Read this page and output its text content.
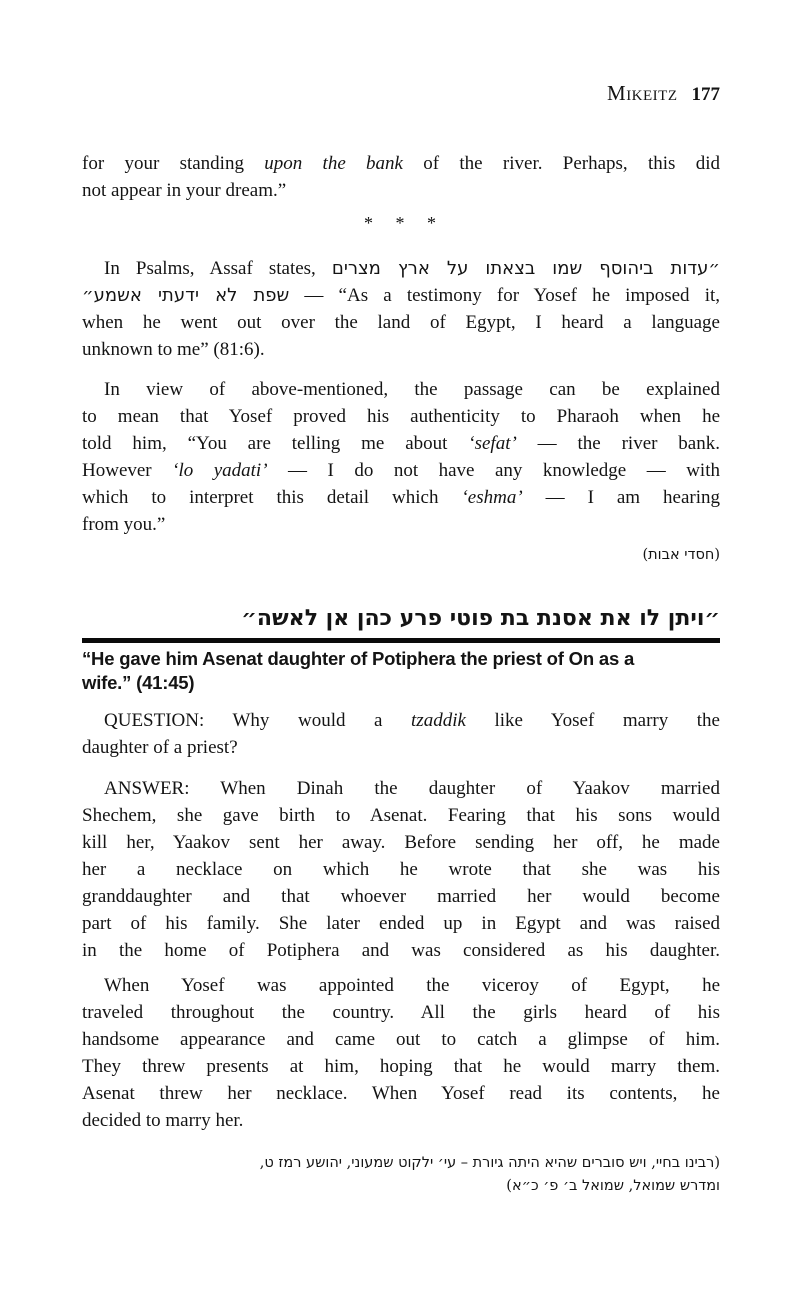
Mikeitz 177
for your standing upon the bank of the river. Perhaps, this did
not appear in your dream.”
* * *
In Psalms, Assaf states, ״עדות ביהוסף שמו בצאתו על ארץ מצרים
שפת לא ידעתי אשמע״ — “As a testimony for Yosef he imposed it,
when he went out over the land of Egypt, I heard a language
unknown to me” (81:6).
In view of above-mentioned, the passage can be explained
to mean that Yosef proved his authenticity to Pharaoh when he
told him, “You are telling me about ‘sefat’ — the river bank.
However ‘lo yadati’ — I do not have any knowledge — with
which to interpret this detail which ‘eshma’ — I am hearing
from you.”
(חסדי אבות)
״ויתן לו את אסנת בת פוטי פרע כהן אן לאשה״
“He gave him Asenat daughter of Potiphera the priest of On as a
wife.” (41:45)
QUESTION: Why would a tzaddik like Yosef marry the
daughter of a priest?
ANSWER: When Dinah the daughter of Yaakov married
Shechem, she gave birth to Asenat. Fearing that his sons would
kill her, Yaakov sent her away. Before sending her off, he made
her a necklace on which he wrote that she was his
granddaughter and that whoever married her would become
part of his family. She later ended up in Egypt and was raised
in the home of Potiphera and was considered as his daughter.
When Yosef was appointed the viceroy of Egypt, he
traveled throughout the country. All the girls heard of his
handsome appearance and came out to catch a glimpse of him.
They threw presents at him, hoping that he would marry them.
Asenat threw her necklace. When Yosef read its contents, he
decided to marry her.
(רבינו בחיי, ויש סוברים שהיא היתה גיורת – עי׳ ילקוט שמעוני, יהושע רמז ט,
ומדרש שמואל, שמואל ב׳ פ׳ כ״א)
